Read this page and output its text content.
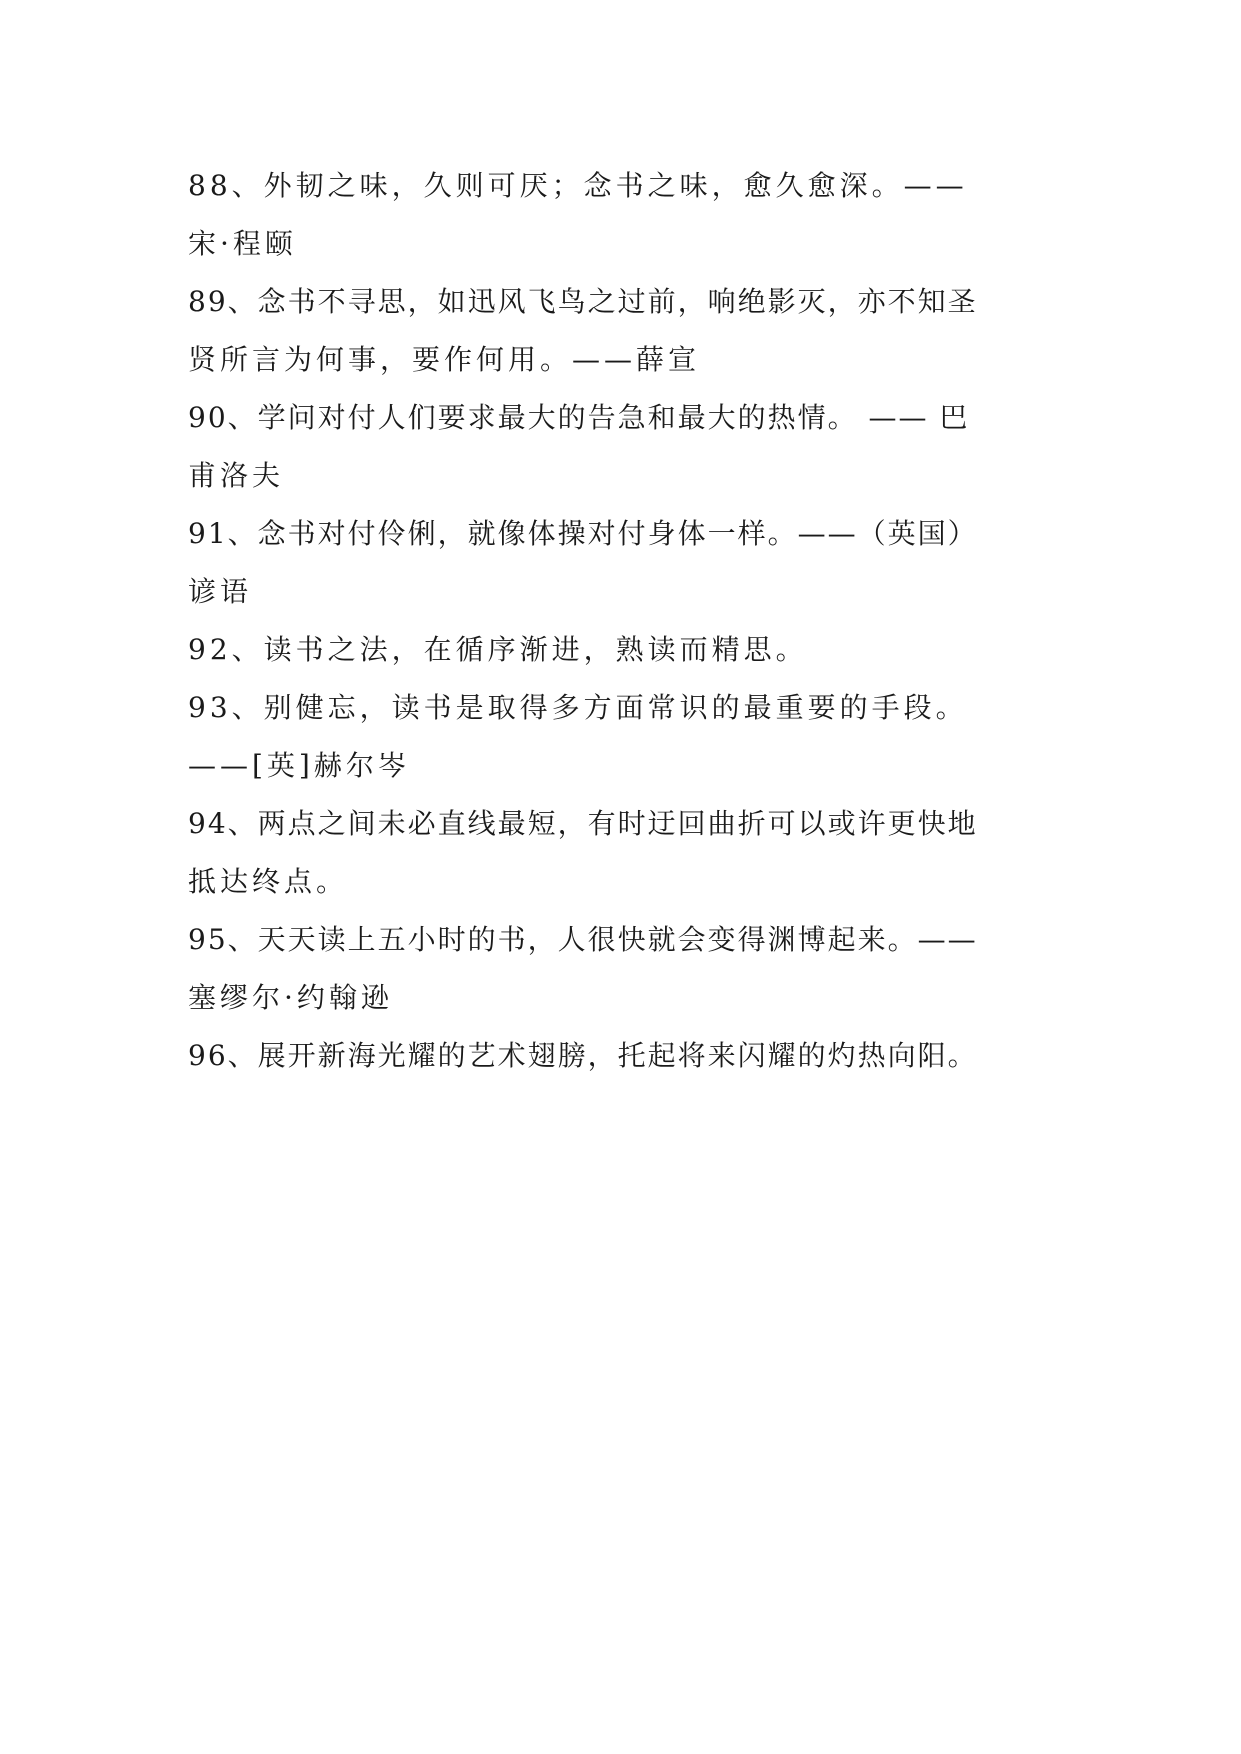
88、外韧之味，久则可厌；念书之味，愈久愈深。——
宋·程颐
89、念书不寻思，如迅风飞鸟之过前，响绝影灭，亦不知圣
贤所言为何事，要作何用。——薛宣
90、学问对付人们要求最大的告急和最大的热情。 —— 巴
甫洛夫
91、念书对付伶俐，就像体操对付身体一样。——（英国）
谚语
92、读书之法，在循序渐进，熟读而精思。
93、别健忘，读书是取得多方面常识的最重要的手段。
——[英]赫尔岑
94、两点之间未必直线最短，有时迂回曲折可以或许更快地
抵达终点。
95、天天读上五小时的书，人很快就会变得渊博起来。——
塞缪尔·约翰逊
96、展开新海光耀的艺术翅膀，托起将来闪耀的灼热向阳。
